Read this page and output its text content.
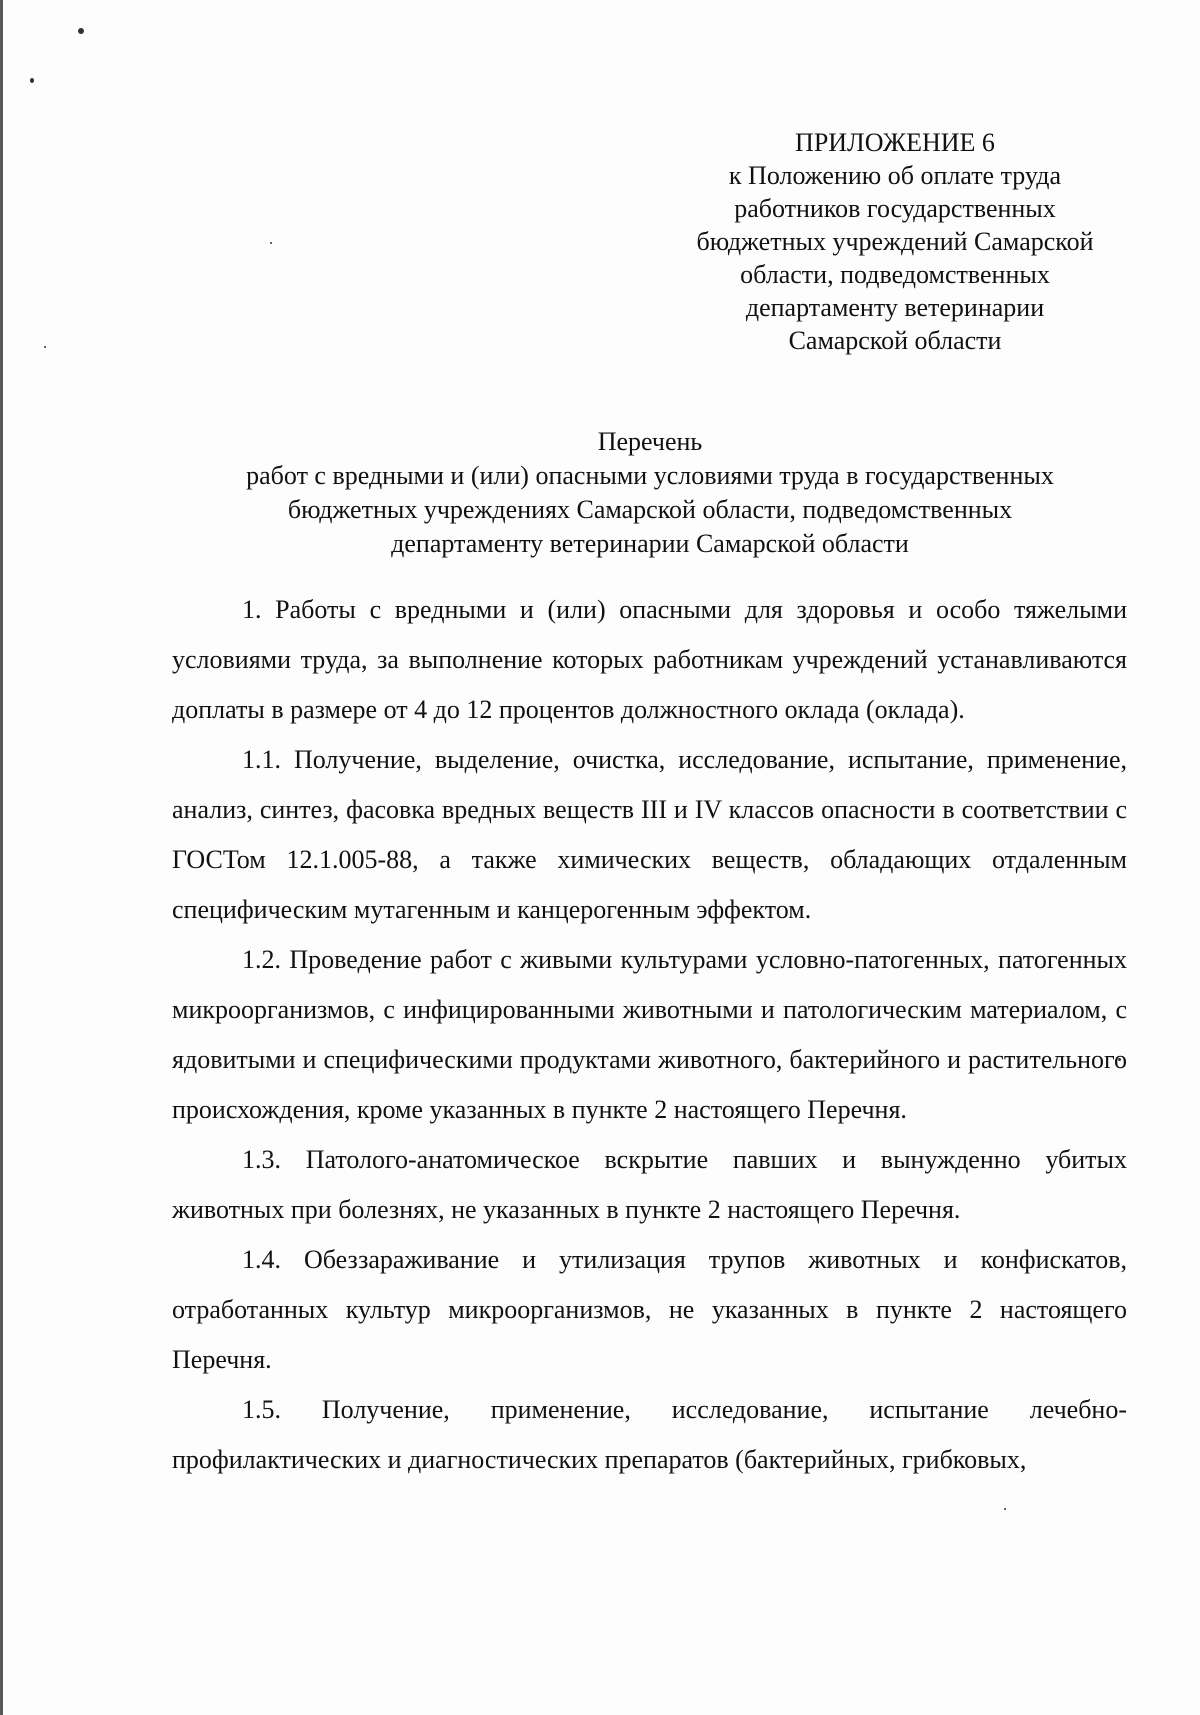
ПРИЛОЖЕНИЕ 6
к Положению об оплате труда
работников государственных
бюджетных учреждений Самарской
области, подведомственных
департаменту ветеринарии
Самарской области
Перечень
работ с вредными и (или) опасными условиями труда в государственных
бюджетных учреждениях Самарской области, подведомственных
департаменту ветеринарии Самарской области

1. Работы с вредными и (или) опасными для здоровья и особо тяжелыми условиями труда, за выполнение которых работникам учреждений устанавливаются доплаты в размере от 4 до 12 процентов должностного оклада (оклада).

1.1. Получение, выделение, очистка, исследование, испытание, применение, анализ, синтез, фасовка вредных веществ III и IV классов опасности в соответствии с ГОСТом 12.1.005-88, а также химических веществ, обладающих отдаленным специфическим мутагенным и канцерогенным эффектом.

1.2. Проведение работ с живыми культурами условно-патогенных, патогенных микроорганизмов, с инфицированными животными и патологическим материалом, с ядовитыми и специфическими продуктами животного, бактерийного и растительного происхождения, кроме указанных в пункте 2 настоящего Перечня.

1.3. Патолого-анатомическое вскрытие павших и вынужденно убитых животных при болезнях, не указанных в пункте 2 настоящего Перечня.

1.4. Обеззараживание и утилизация трупов животных и конфискатов, отработанных культур микроорганизмов, не указанных в пункте 2 настоящего Перечня.

1.5. Получение, применение, исследование, испытание лечебно-профилактических и диагностических препаратов (бактерийных, грибковых,
